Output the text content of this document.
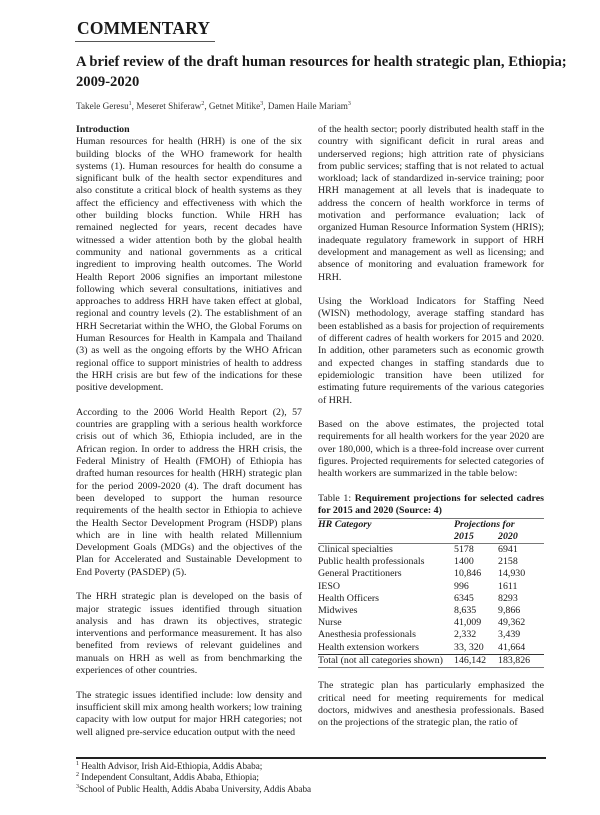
COMMENTARY
A brief review of the draft human resources for health strategic plan, Ethiopia; 2009-2020
Takele Geresu$^1$, Meseret Shiferaw$^2$, Getnet Mitike$^3$, Damen Haile Mariam$^3$
Introduction

Human resources for health (HRH) is one of the six building blocks of the WHO framework for health systems (1). Human resources for health do consume a significant bulk of the health sector expenditures and also constitute a critical block of health systems as they affect the efficiency and effectiveness with which the other building blocks function. While HRH has remained neglected for years, recent decades have witnessed a wider attention both by the global health community and national governments as a critical ingredient to improving health outcomes. The World Health Report 2006 signifies an important milestone following which several consultations, initiatives and approaches to address HRH have taken effect at global, regional and country levels (2). The establishment of an HRH Secretariat within the WHO, the Global Forums on Human Resources for Health in Kampala and Thailand (3) as well as the ongoing efforts by the WHO African regional office to support ministries of health to address the HRH crisis are but few of the indications for these positive development.

According to the 2006 World Health Report (2), 57 countries are grappling with a serious health workforce crisis out of which 36, Ethiopia included, are in the African region. In order to address the HRH crisis, the Federal Ministry of Health (FMOH) of Ethiopia has drafted human resources for health (HRH) strategic plan for the period 2009-2020 (4). The draft document has been developed to support the human resource requirements of the health sector in Ethiopia to achieve the Health Sector Development Program (HSDP) plans which are in line with health related Millennium Development Goals (MDGs) and the objectives of the Plan for Accelerated and Sustainable Development to End Poverty (PASDEP) (5).

The HRH strategic plan is developed on the basis of major strategic issues identified through situation analysis and has drawn its objectives, strategic interventions and performance measurement. It has also benefited from reviews of relevant guidelines and manuals on HRH as well as from benchmarking the experiences of other countries.

The strategic issues identified include: low density and insufficient skill mix among health workers; low training capacity with low output for major HRH categories; not well aligned pre-service education output with the need

of the health sector; poorly distributed health staff in the country with significant deficit in rural areas and underserved regions; high attrition rate of physicians from public services; staffing that is not related to actual workload; lack of standardized in-service training; poor HRH management at all levels that is inadequate to address the concern of health workforce in terms of motivation and performance evaluation; lack of organized Human Resource Information System (HRIS); inadequate regulatory framework in support of HRH development and management as well as licensing; and absence of monitoring and evaluation framework for HRH.

Using the Workload Indicators for Staffing Need (WISN) methodology, average staffing standard has been established as a basis for projection of requirements of different cadres of health workers for 2015 and 2020. In addition, other parameters such as economic growth and expected changes in staffing standards due to epidemiologic transition have been utilized for estimating future requirements of the various categories of HRH.

Based on the above estimates, the projected total requirements for all health workers for the year 2020 are over 180,000, which is a three-fold increase over current figures. Projected requirements for selected categories of health workers are summarized in the table below:

Table 1: Requirement projections for selected cadres for 2015 and 2020 (Source: 4)
HR Category	Projections for	
	2015	2020
Clinical specialties	5178	6941
Public health professionals	1400	2158
General Practitioners	10,846	14,930
IESO	996	1611
Health Officers	6345	8293
Midwives	8,635	9,866
Nurse	41,009	49,362
Anesthesia professionals	2,332	3,439
Health extension workers	33, 320	41,664
Total (not all categories shown)	146,142	183,826

The strategic plan has particularly emphasized the critical need for meeting requirements for medical doctors, midwives and anesthesia professionals. Based on the projections of the strategic plan, the ratio of

$^1$ Health Advisor, Irish Aid-Ethiopia, Addis Ababa;
$^2$ Independent Consultant, Addis Ababa, Ethiopia;
$^3$School of Public Health, Addis Ababa University, Addis Ababa
